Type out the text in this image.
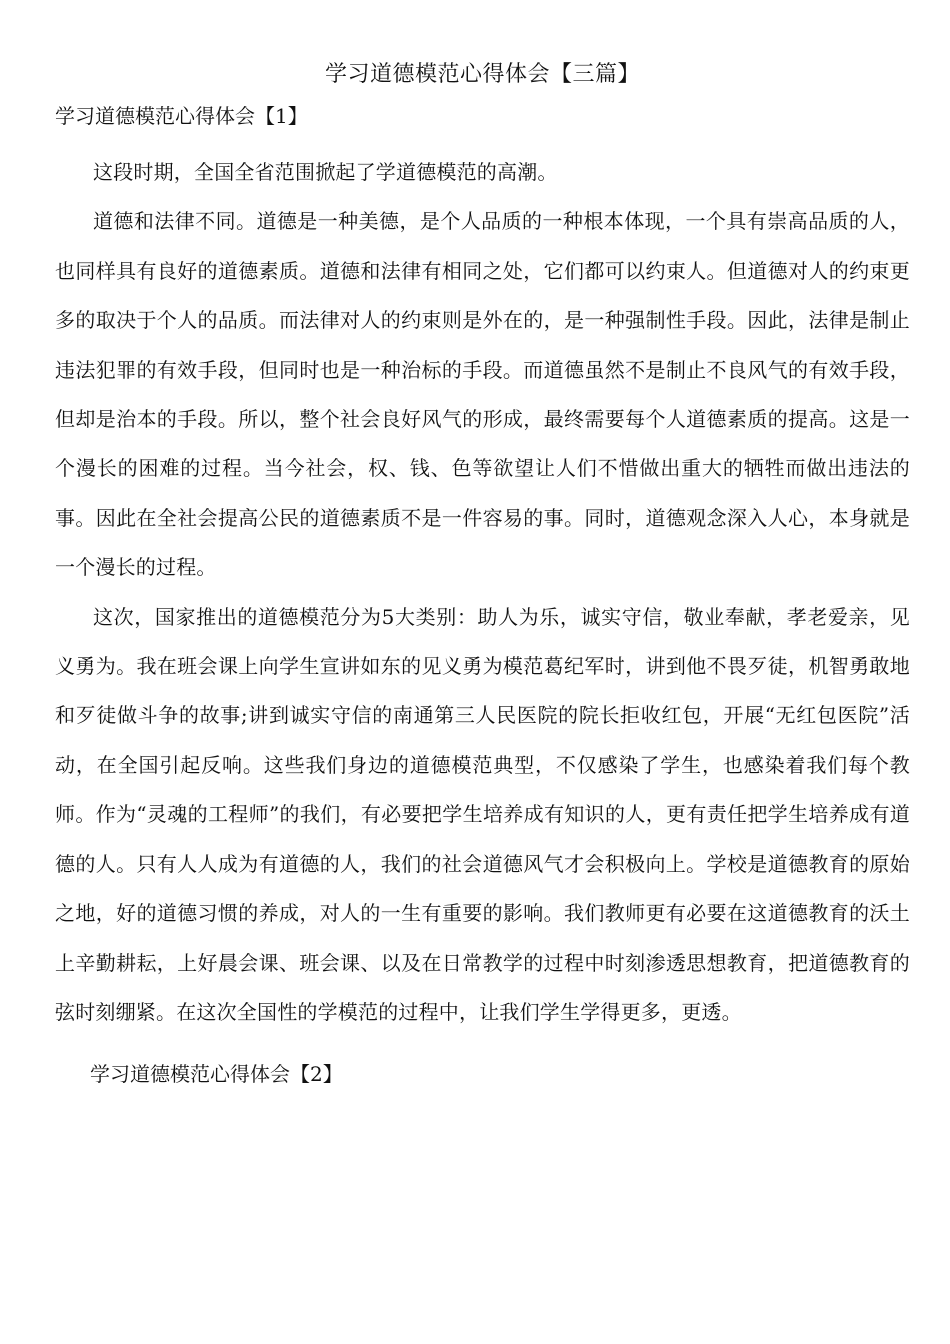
学习道德模范心得体会【三篇】
学习道德模范心得体会【1】

这段时期，全国全省范围掀起了学道德模范的高潮。

道德和法律不同。道德是一种美德，是个人品质的一种根本体现，一个具有崇高品质的人，也同样具有良好的道德素质。道德和法律有相同之处，它们都可以约束人。但道德对人的约束更多的取决于个人的品质。而法律对人的约束则是外在的，是一种强制性手段。因此，法律是制止违法犯罪的有效手段，但同时也是一种治标的手段。而道德虽然不是制止不良风气的有效手段，但却是治本的手段。所以，整个社会良好风气的形成，最终需要每个人道德素质的提高。这是一个漫长的困难的过程。当今社会，权、钱、色等欲望让人们不惜做出重大的牺牲而做出违法的事。因此在全社会提高公民的道德素质不是一件容易的事。同时，道德观念深入人心，本身就是一个漫长的过程。

这次，国家推出的道德模范分为5大类别：助人为乐，诚实守信，敬业奉献，孝老爱亲，见义勇为。我在班会课上向学生宣讲如东的见义勇为模范葛纪军时，讲到他不畏歹徒，机智勇敢地和歹徒做斗争的故事;讲到诚实守信的南通第三人民医院的院长拒收红包，开展“无红包医院”活动，在全国引起反响。这些我们身边的道德模范典型，不仅感染了学生，也感染着我们每个教师。作为“灵魂的工程师”的我们，有必要把学生培养成有知识的人，更有责任把学生培养成有道德的人。只有人人成为有道德的人，我们的社会道德风气才会积极向上。学校是道德教育的原始之地，好的道德习惯的养成，对人的一生有重要的影响。我们教师更有必要在这道德教育的沃土上辛勤耕耘，上好晨会课、班会课、以及在日常教学的过程中时刻渗透思想教育，把道德教育的弦时刻绷紧。在这次全国性的学模范的过程中，让我们学生学得更多，更透。

学习道德模范心得体会【2】
